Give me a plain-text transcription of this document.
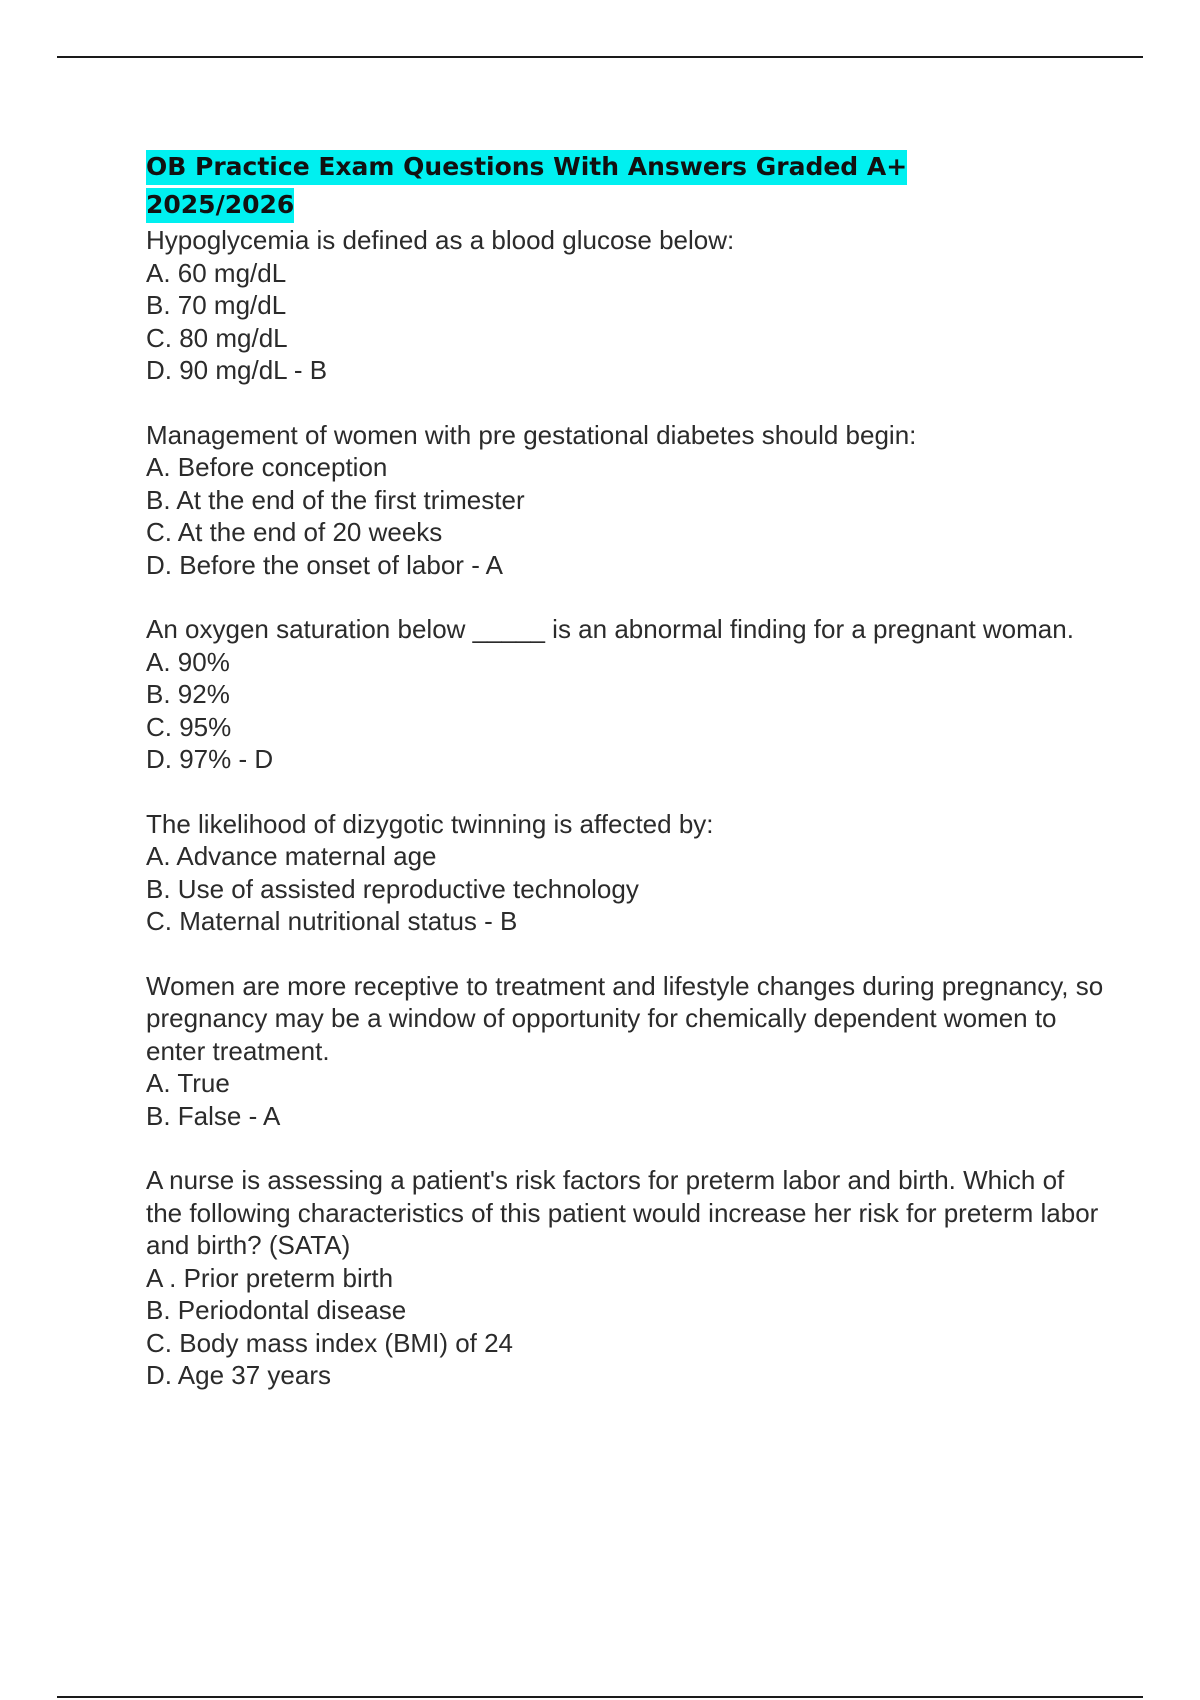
OB Practice Exam Questions With Answers Graded A+
2025/2026
Hypoglycemia is defined as a blood glucose below:
A. 60 mg/dL
B. 70 mg/dL
C. 80 mg/dL
D. 90 mg/dL - B
Management of women with pre gestational diabetes should begin:
A. Before conception
B. At the end of the first trimester
C. At the end of 20 weeks
D. Before the onset of labor - A
An oxygen saturation below _____ is an abnormal finding for a pregnant woman.
A. 90%
B. 92%
C. 95%
D. 97% - D
The likelihood of dizygotic twinning is affected by:
A. Advance maternal age
B. Use of assisted reproductive technology
C. Maternal nutritional status - B
Women are more receptive to treatment and lifestyle changes during pregnancy, so pregnancy may be a window of opportunity for chemically dependent women to enter treatment.
A. True
B. False - A
A nurse is assessing a patient's risk factors for preterm labor and birth. Which of the following characteristics of this patient would increase her risk for preterm labor and birth? (SATA)
A . Prior preterm birth
B. Periodontal disease
C. Body mass index (BMI) of 24
D. Age 37 years
